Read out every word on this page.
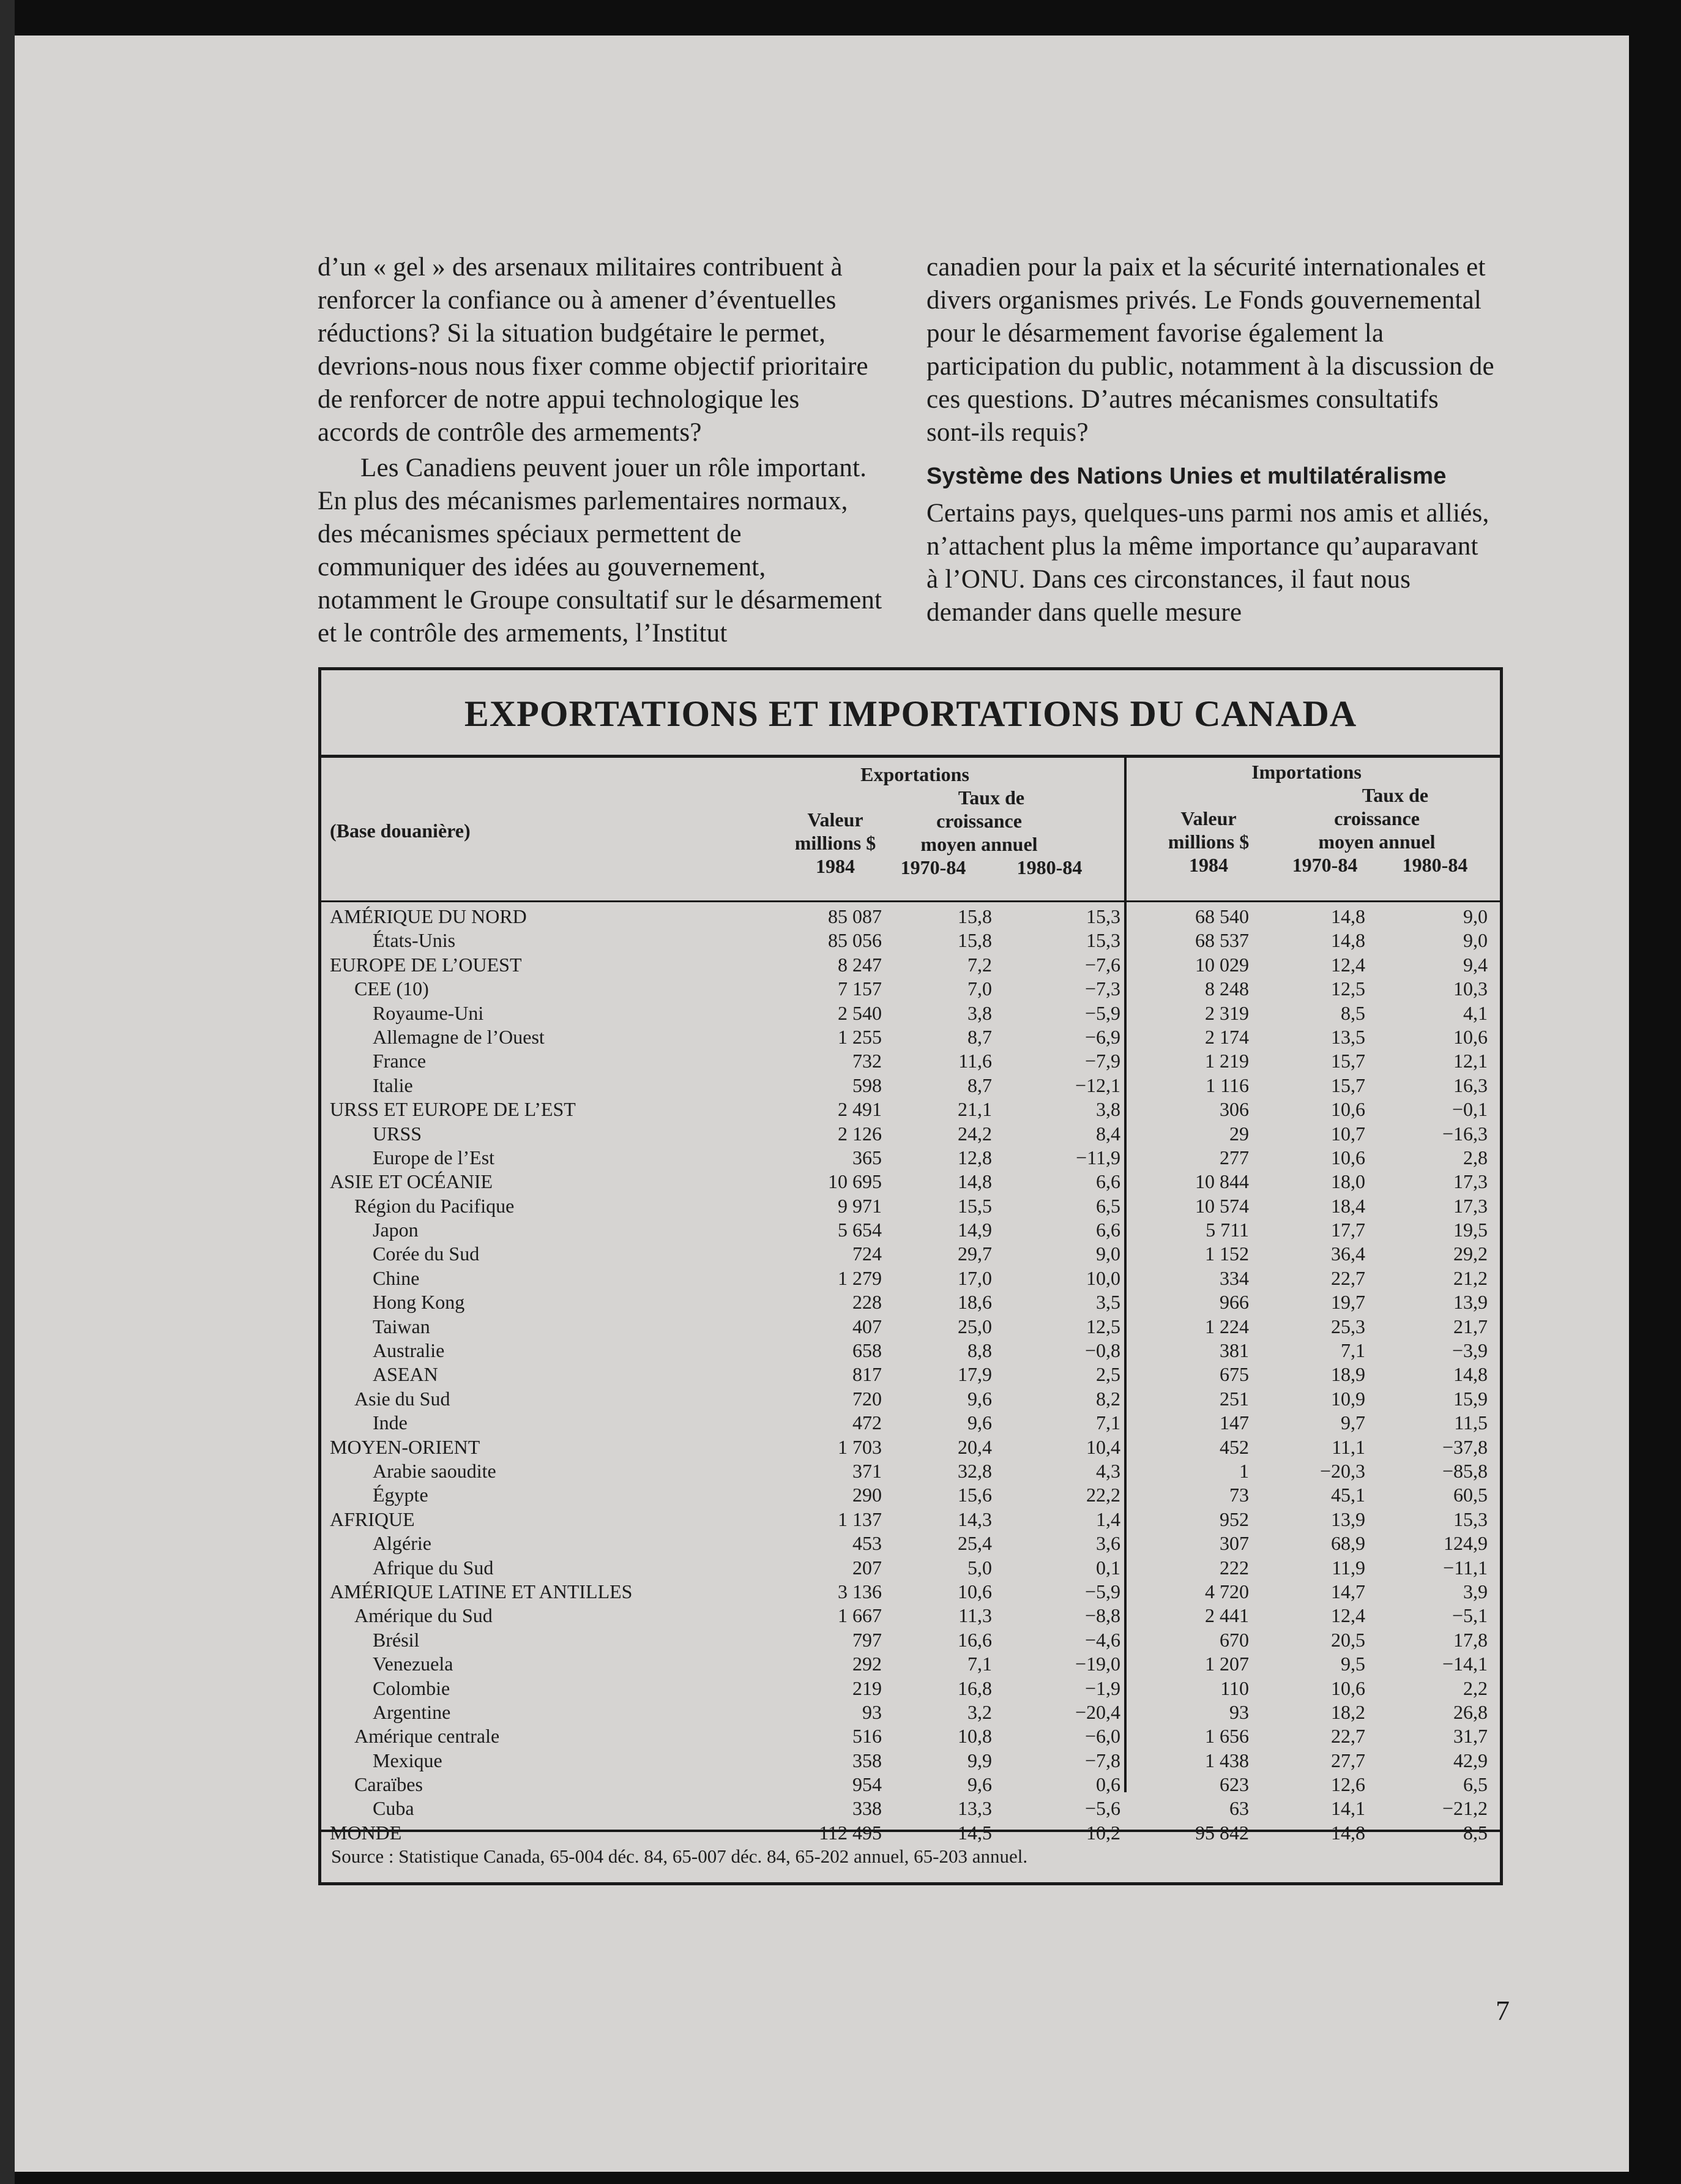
d’un « gel » des arsenaux militaires contribuent à renforcer la confiance ou à amener d’éventuelles réductions? Si la situation budgétaire le permet, devrions-nous nous fixer comme objectif prioritaire de renforcer de notre appui technologique les accords de contrôle des armements?

Les Canadiens peuvent jouer un rôle important. En plus des mécanismes parlementaires normaux, des mécanismes spéciaux permettent de communiquer des idées au gouvernement, notamment le Groupe consultatif sur le désarmement et le contrôle des armements, l’Institut

canadien pour la paix et la sécurité internationales et divers organismes privés. Le Fonds gouvernemental pour le désarmement favorise également la participation du public, notamment à la discussion de ces questions. D’autres mécanismes consultatifs sont-ils requis?

Système des Nations Unies et multilatéralisme

Certains pays, quelques-uns parmi nos amis et alliés, n’attachent plus la même importance qu’auparavant à l’ONU. Dans ces circonstances, il faut nous demander dans quelle mesure

EXPORTATIONS ET IMPORTATIONS DU CANADA
(Base douanière)
Exportations
Valeur
millions $
1984
Taux de
croissance
moyen annuel
1970-84	1980-84
Importations
Valeur
millions $
1984
Taux de
croissance
moyen annuel
1970-84	1980-84
AMÉRIQUE DU NORD	85 087	15,8	15,3	68 540	14,8	9,0
États-Unis	85 056	15,8	15,3	68 537	14,8	9,0
EUROPE DE L’OUEST	8 247	7,2	−7,6	10 029	12,4	9,4
CEE (10)	7 157	7,0	−7,3	8 248	12,5	10,3
Royaume-Uni	2 540	3,8	−5,9	2 319	8,5	4,1
Allemagne de l’Ouest	1 255	8,7	−6,9	2 174	13,5	10,6
France	732	11,6	−7,9	1 219	15,7	12,1
Italie	598	8,7	−12,1	1 116	15,7	16,3
URSS ET EUROPE DE L’EST	2 491	21,1	3,8	306	10,6	−0,1
URSS	2 126	24,2	8,4	29	10,7	−16,3
Europe de l’Est	365	12,8	−11,9	277	10,6	2,8
ASIE ET OCÉANIE	10 695	14,8	6,6	10 844	18,0	17,3
Région du Pacifique	9 971	15,5	6,5	10 574	18,4	17,3
Japon	5 654	14,9	6,6	5 711	17,7	19,5
Corée du Sud	724	29,7	9,0	1 152	36,4	29,2
Chine	1 279	17,0	10,0	334	22,7	21,2
Hong Kong	228	18,6	3,5	966	19,7	13,9
Taiwan	407	25,0	12,5	1 224	25,3	21,7
Australie	658	8,8	−0,8	381	7,1	−3,9
ASEAN	817	17,9	2,5	675	18,9	14,8
Asie du Sud	720	9,6	8,2	251	10,9	15,9
Inde	472	9,6	7,1	147	9,7	11,5
MOYEN-ORIENT	1 703	20,4	10,4	452	11,1	−37,8
Arabie saoudite	371	32,8	4,3	1	−20,3	−85,8
Égypte	290	15,6	22,2	73	45,1	60,5
AFRIQUE	1 137	14,3	1,4	952	13,9	15,3
Algérie	453	25,4	3,6	307	68,9	124,9
Afrique du Sud	207	5,0	0,1	222	11,9	−11,1
AMÉRIQUE LATINE ET ANTILLES	3 136	10,6	−5,9	4 720	14,7	3,9
Amérique du Sud	1 667	11,3	−8,8	2 441	12,4	−5,1
Brésil	797	16,6	−4,6	670	20,5	17,8
Venezuela	292	7,1	−19,0	1 207	9,5	−14,1
Colombie	219	16,8	−1,9	110	10,6	2,2
Argentine	93	3,2	−20,4	93	18,2	26,8
Amérique centrale	516	10,8	−6,0	1 656	22,7	31,7
Mexique	358	9,9	−7,8	1 438	27,7	42,9
Caraïbes	954	9,6	0,6	623	12,6	6,5
Cuba	338	13,3	−5,6	63	14,1	−21,2
MONDE	112 495	14,5	10,2	95 842	14,8	8,5
Source : Statistique Canada, 65-004 déc. 84, 65-007 déc. 84, 65-202 annuel, 65-203 annuel.
7
